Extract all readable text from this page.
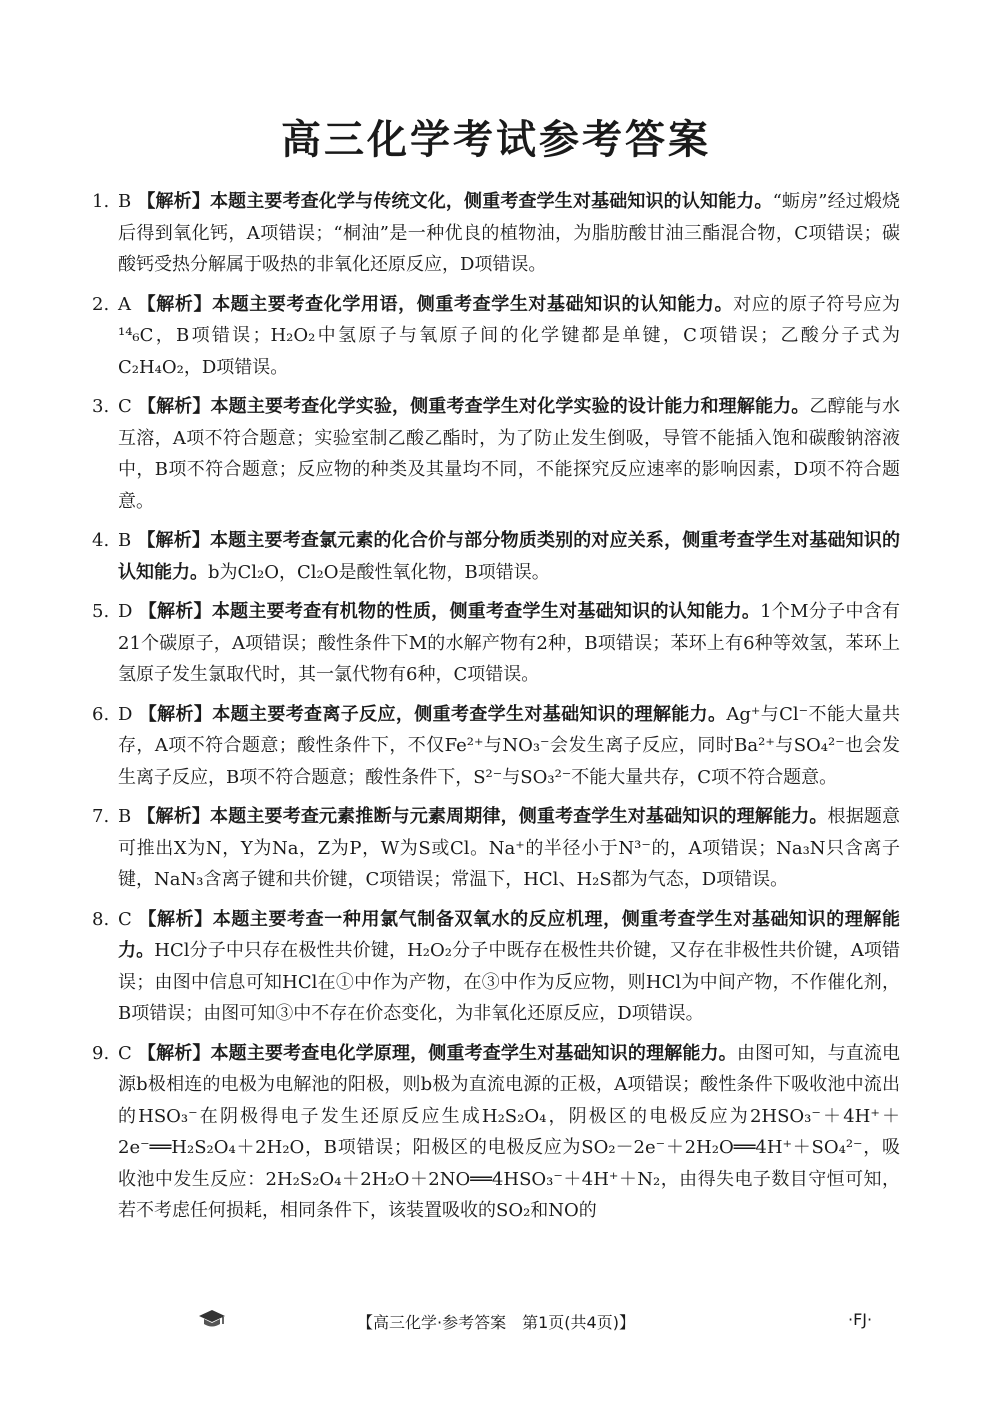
高三化学考试参考答案
1. B 【解析】本题主要考查化学与传统文化，侧重考查学生对基础知识的认知能力。“蛎房”经过煅烧后得到氧化钙，A项错误；“桐油”是一种优良的植物油，为脂肪酸甘油三酯混合物，C项错误；碳酸钙受热分解属于吸热的非氧化还原反应，D项错误。
2. A 【解析】本题主要考查化学用语，侧重考查学生对基础知识的认知能力。对应的原子符号应为¹⁴₆C，B项错误；H₂O₂中氢原子与氧原子间的化学键都是单键，C项错误；乙酸分子式为C₂H₄O₂，D项错误。
3. C 【解析】本题主要考查化学实验，侧重考查学生对化学实验的设计能力和理解能力。乙醇能与水互溶，A项不符合题意；实验室制乙酸乙酯时，为了防止发生倒吸，导管不能插入饱和碳酸钠溶液中，B项不符合题意；反应物的种类及其量均不同，不能探究反应速率的影响因素，D项不符合题意。
4. B 【解析】本题主要考查氯元素的化合价与部分物质类别的对应关系，侧重考查学生对基础知识的认知能力。b为Cl₂O，Cl₂O是酸性氧化物，B项错误。
5. D 【解析】本题主要考查有机物的性质，侧重考查学生对基础知识的认知能力。1个M分子中含有21个碳原子，A项错误；酸性条件下M的水解产物有2种，B项错误；苯环上有6种等效氢，苯环上氢原子发生氯取代时，其一氯代物有6种，C项错误。
6. D 【解析】本题主要考查离子反应，侧重考查学生对基础知识的理解能力。Ag⁺与Cl⁻不能大量共存，A项不符合题意；酸性条件下，不仅Fe²⁺与NO₃⁻会发生离子反应，同时Ba²⁺与SO₄²⁻也会发生离子反应，B项不符合题意；酸性条件下，S²⁻与SO₃²⁻不能大量共存，C项不符合题意。
7. B 【解析】本题主要考查元素推断与元素周期律，侧重考查学生对基础知识的理解能力。根据题意可推出X为N，Y为Na，Z为P，W为S或Cl。Na⁺的半径小于N³⁻的，A项错误；Na₃N只含离子键，NaN₃含离子键和共价键，C项错误；常温下，HCl、H₂S都为气态，D项错误。
8. C 【解析】本题主要考查一种用氯气制备双氧水的反应机理，侧重考查学生对基础知识的理解能力。HCl分子中只存在极性共价键，H₂O₂分子中既存在极性共价键，又存在非极性共价键，A项错误；由图中信息可知HCl在①中作为产物，在③中作为反应物，则HCl为中间产物，不作催化剂，B项错误；由图可知③中不存在价态变化，为非氧化还原反应，D项错误。
9. C 【解析】本题主要考查电化学原理，侧重考查学生对基础知识的理解能力。由图可知，与直流电源b极相连的电极为电解池的阳极，则b极为直流电源的正极，A项错误；酸性条件下吸收池中流出的HSO₃⁻在阴极得电子发生还原反应生成H₂S₂O₄，阴极区的电极反应为2HSO₃⁻＋4H⁺＋2e⁻══H₂S₂O₄＋2H₂O，B项错误；阳极区的电极反应为SO₂－2e⁻＋2H₂O══4H⁺＋SO₄²⁻，吸收池中发生反应：2H₂S₂O₄＋2H₂O＋2NO══4HSO₃⁻＋4H⁺＋N₂，由得失电子数目守恒可知，若不考虑任何损耗，相同条件下，该装置吸收的SO₂和NO的
【高三化学·参考答案　第1页(共4页)】	·FJ·
